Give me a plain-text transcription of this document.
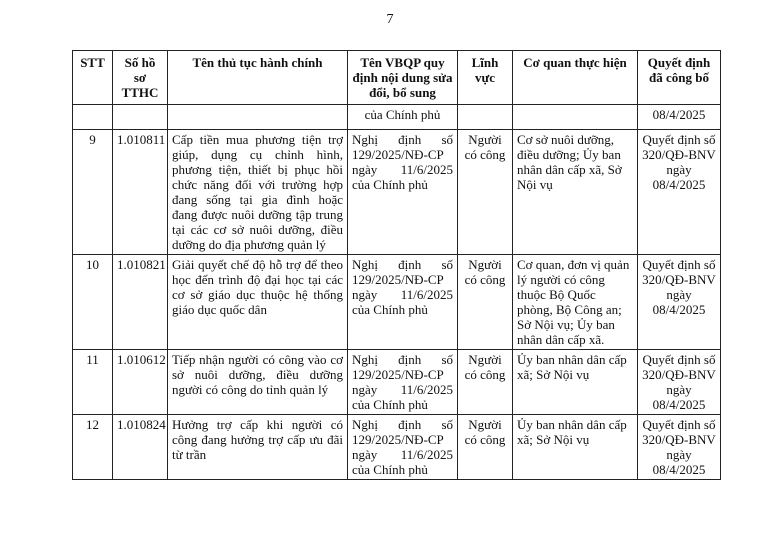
7
STT	Số hồ sơ TTHC	Tên thủ tục hành chính	Tên VBQP quy định nội dung sửa đổi, bổ sung	Lĩnh vực	Cơ quan thực hiện	Quyết định đã công bố
			của Chính phủ			08/4/2025
9	1.010811	Cấp tiền mua phương tiện trợ giúp, dụng cụ chỉnh hình, phương tiện, thiết bị phục hồi chức năng đối với trường hợp đang sống tại gia đình hoặc đang được nuôi dưỡng tập trung tại các cơ sở nuôi dưỡng, điều dưỡng do địa phương quản lý	Nghị định số 129/2025/NĐ-CP ngày 11/6/2025 của Chính phủ	Người có công	Cơ sở nuôi dưỡng, điều dưỡng; Ủy ban nhân dân cấp xã, Sở Nội vụ	Quyết định số 320/QĐ-BNV ngày 08/4/2025
10	1.010821	Giải quyết chế độ hỗ trợ để theo học đến trình độ đại học tại các cơ sở giáo dục thuộc hệ thống giáo dục quốc dân	Nghị định số 129/2025/NĐ-CP ngày 11/6/2025 của Chính phủ	Người có công	Cơ quan, đơn vị quản lý người có công thuộc Bộ Quốc phòng, Bộ Công an; Sở Nội vụ; Ủy ban nhân dân cấp xã.	Quyết định số 320/QĐ-BNV ngày 08/4/2025
11	1.010612	Tiếp nhận người có công vào cơ sở nuôi dưỡng, điều dưỡng người có công do tỉnh quản lý	Nghị định số 129/2025/NĐ-CP ngày 11/6/2025 của Chính phủ	Người có công	Ủy ban nhân dân cấp xã; Sở Nội vụ	Quyết định số 320/QĐ-BNV ngày 08/4/2025
12	1.010824	Hưởng trợ cấp khi người có công đang hưởng trợ cấp ưu đãi từ trần	Nghị định số 129/2025/NĐ-CP ngày 11/6/2025 của Chính phủ	Người có công	Ủy ban nhân dân cấp xã; Sở Nội vụ	Quyết định số 320/QĐ-BNV ngày 08/4/2025
